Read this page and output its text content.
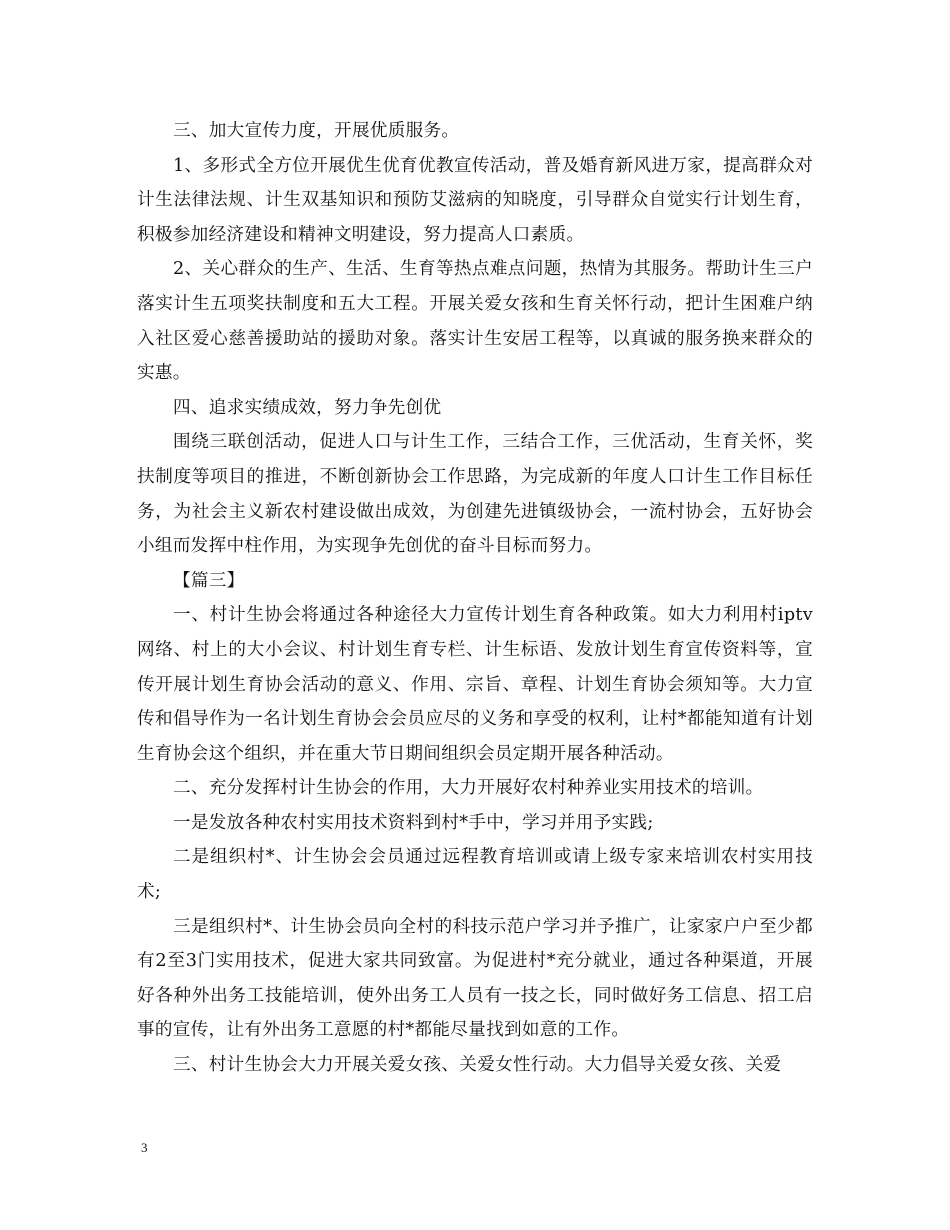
三、加大宣传力度，开展优质服务。

1、多形式全方位开展优生优育优教宣传活动，普及婚育新风进万家，提高群众对计生法律法规、计生双基知识和预防艾滋病的知晓度，引导群众自觉实行计划生育，积极参加经济建设和精神文明建设，努力提高人口素质。

2、关心群众的生产、生活、生育等热点难点问题，热情为其服务。帮助计生三户落实计生五项奖扶制度和五大工程。开展关爱女孩和生育关怀行动，把计生困难户纳入社区爱心慈善援助站的援助对象。落实计生安居工程等，以真诚的服务换来群众的实惠。

四、追求实绩成效，努力争先创优

围绕三联创活动，促进人口与计生工作，三结合工作，三优活动，生育关怀，奖扶制度等项目的推进，不断创新协会工作思路，为完成新的年度人口计生工作目标任务，为社会主义新农村建设做出成效，为创建先进镇级协会，一流村协会，五好协会小组而发挥中柱作用，为实现争先创优的奋斗目标而努力。

【篇三】

一、村计生协会将通过各种途径大力宣传计划生育各种政策。如大力利用村iptv网络、村上的大小会议、村计划生育专栏、计生标语、发放计划生育宣传资料等，宣传开展计划生育协会活动的意义、作用、宗旨、章程、计划生育协会须知等。大力宣传和倡导作为一名计划生育协会会员应尽的义务和享受的权利，让村*都能知道有计划生育协会这个组织，并在重大节日期间组织会员定期开展各种活动。

二、充分发挥村计生协会的作用，大力开展好农村种养业实用技术的培训。

一是发放各种农村实用技术资料到村*手中，学习并用予实践;

二是组织村*、计生协会会员通过远程教育培训或请上级专家来培训农村实用技术;

三是组织村*、计生协会员向全村的科技示范户学习并予推广，让家家户户至少都有2至3门实用技术，促进大家共同致富。为促进村*充分就业，通过各种渠道，开展好各种外出务工技能培训，使外出务工人员有一技之长，同时做好务工信息、招工启事的宣传，让有外出务工意愿的村*都能尽量找到如意的工作。

三、村计生协会大力开展关爱女孩、关爱女性行动。大力倡导关爱女孩、关爱

3
